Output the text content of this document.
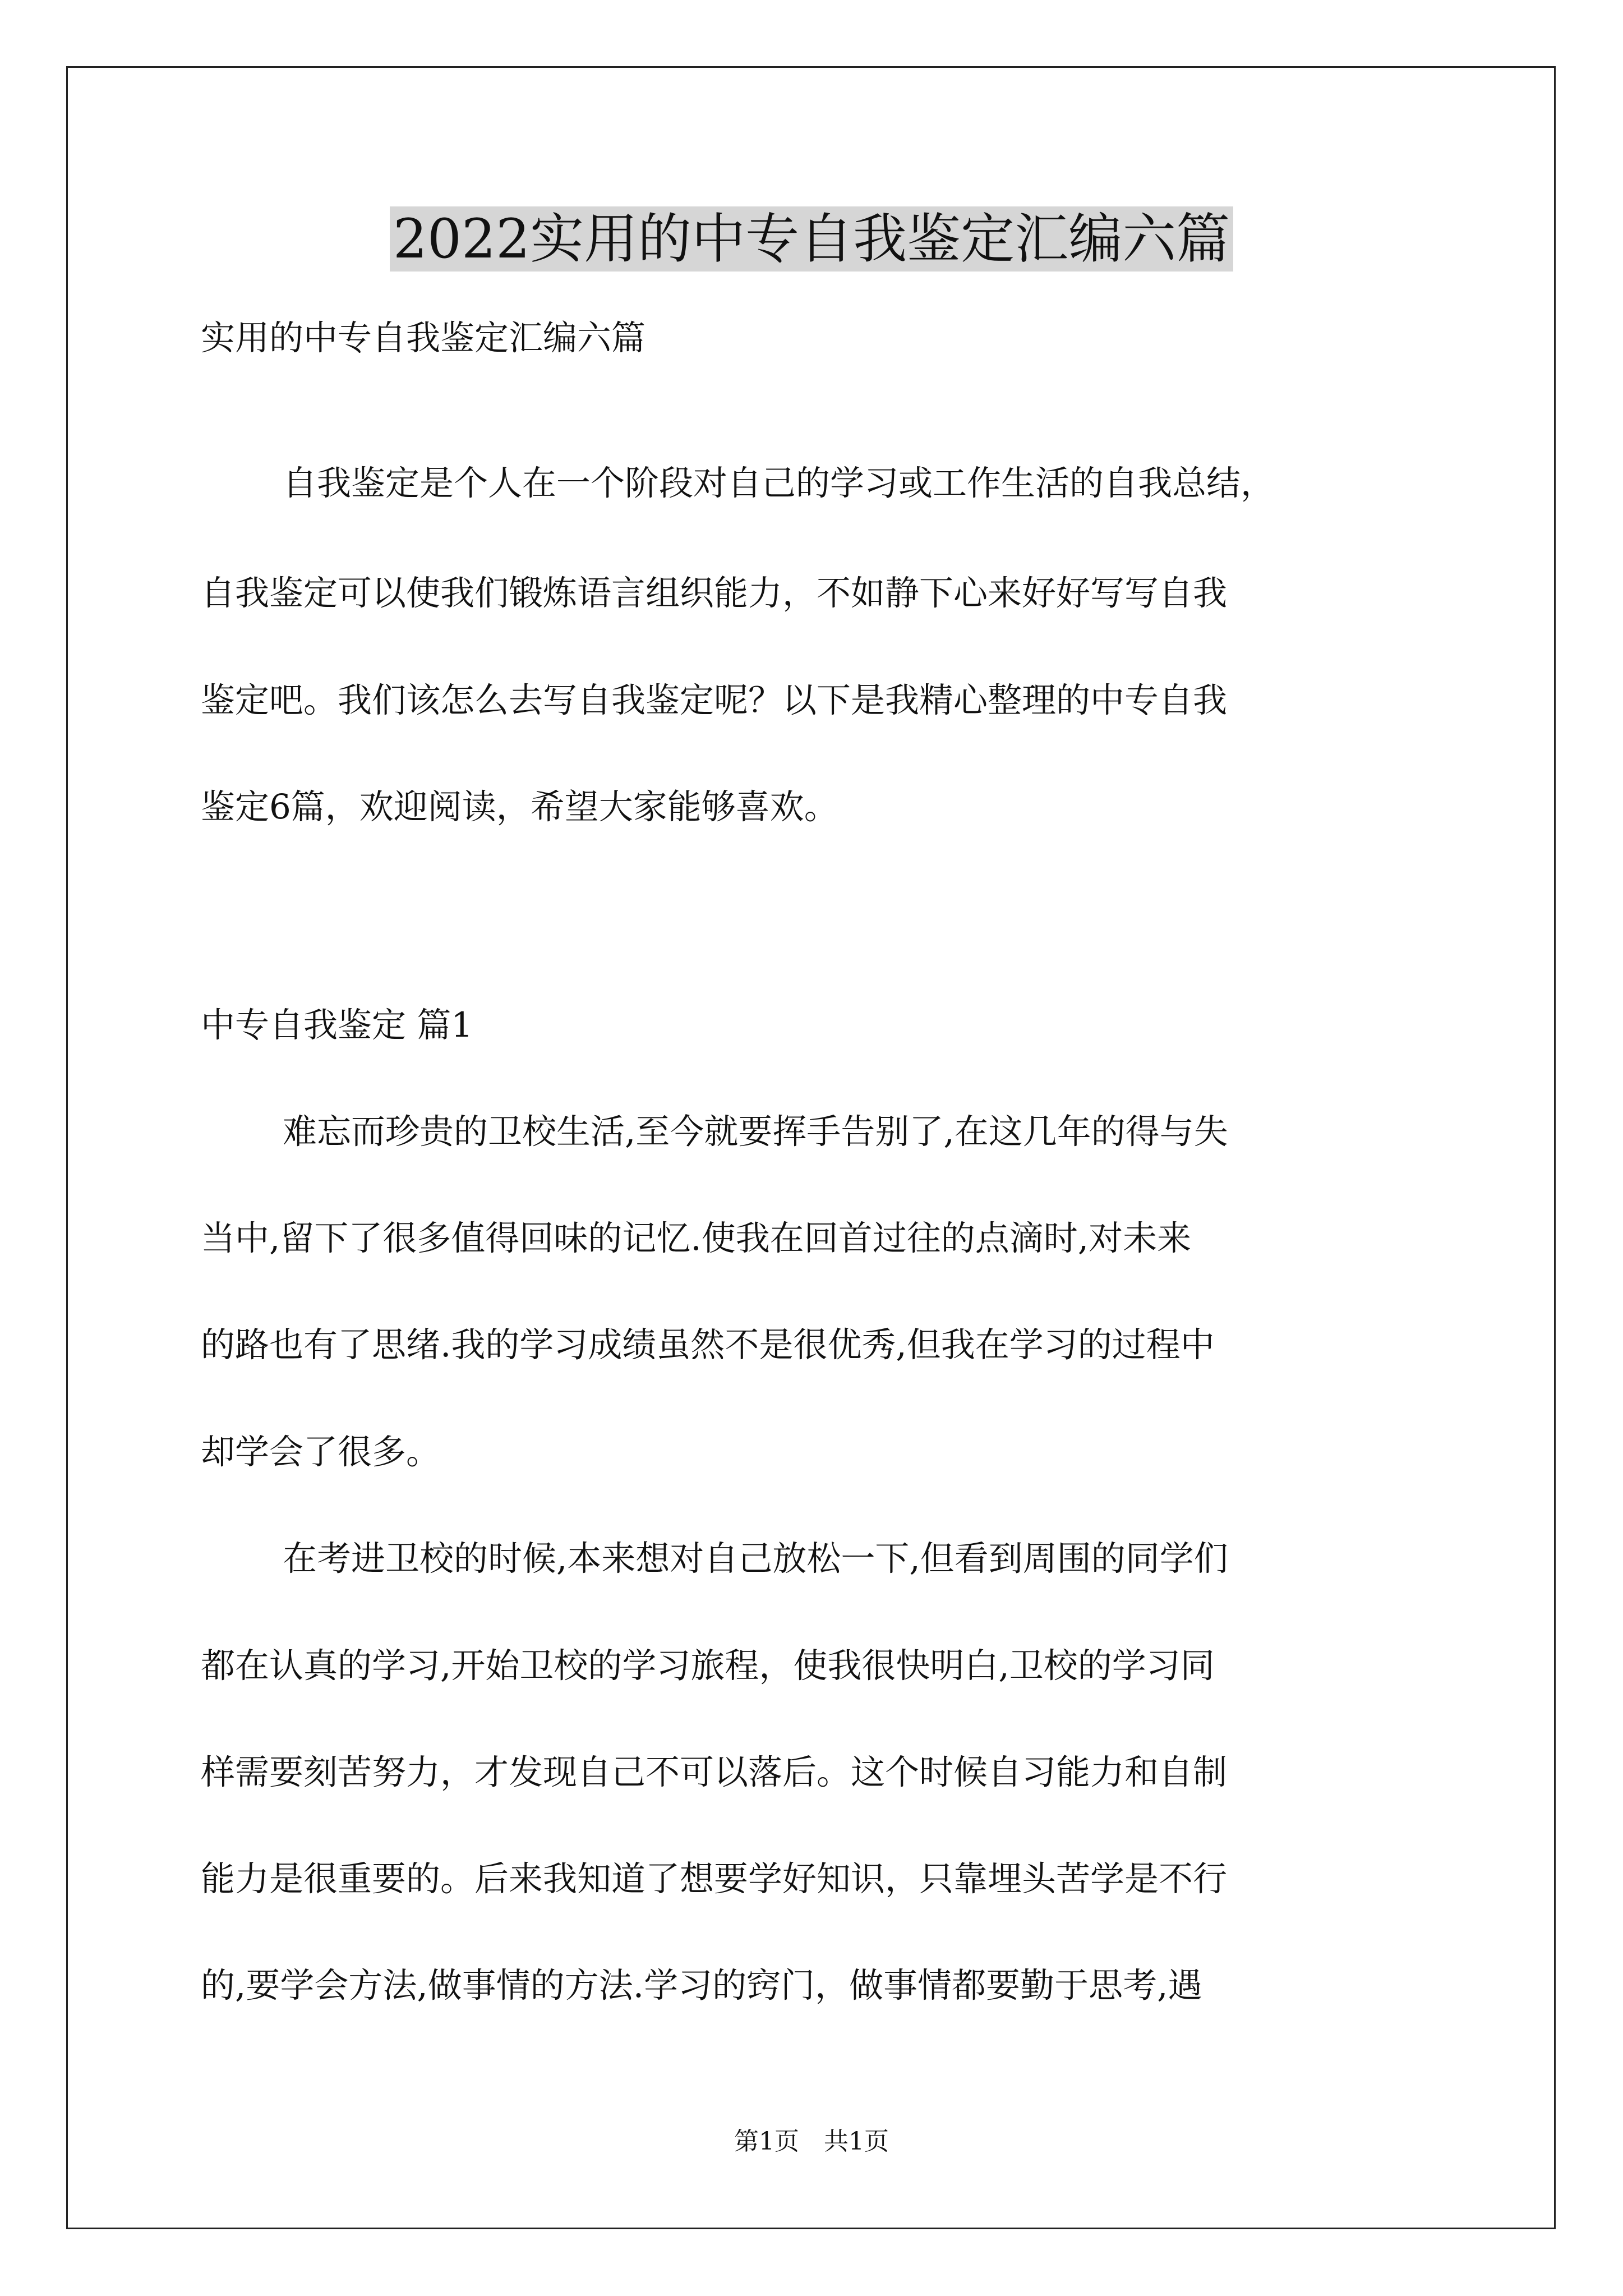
2022实用的中专自我鉴定汇编六篇
实用的中专自我鉴定汇编六篇
自我鉴定是个人在一个阶段对自己的学习或工作生活的自我总结，
自我鉴定可以使我们锻炼语言组织能力，不如静下心来好好写写自我
鉴定吧。我们该怎么去写自我鉴定呢？以下是我精心整理的中专自我
鉴定6篇，欢迎阅读，希望大家能够喜欢。
中专自我鉴定 篇1
难忘而珍贵的卫校生活,至今就要挥手告别了,在这几年的得与失
当中,留下了很多值得回味的记忆.使我在回首过往的点滴时,对未来
的路也有了思绪.我的学习成绩虽然不是很优秀,但我在学习的过程中
却学会了很多。
在考进卫校的时候,本来想对自己放松一下,但看到周围的同学们
都在认真的学习,开始卫校的学习旅程，使我很快明白,卫校的学习同
样需要刻苦努力，才发现自己不可以落后。这个时候自习能力和自制
能力是很重要的。后来我知道了想要学好知识，只靠埋头苦学是不行
的,要学会方法,做事情的方法.学习的窍门，做事情都要勤于思考,遇
第1页　共1页
